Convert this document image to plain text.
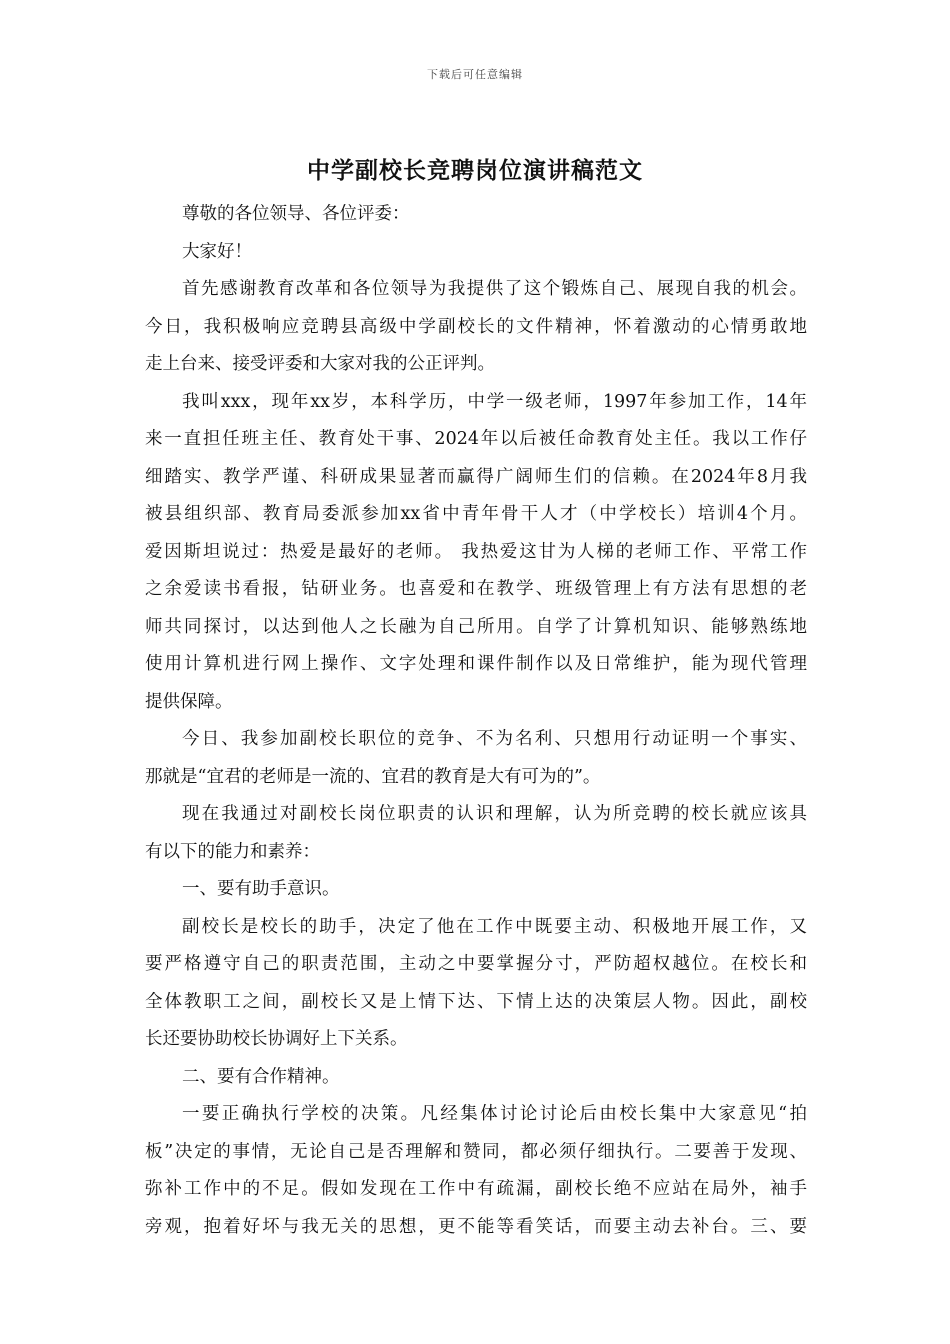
下载后可任意编辑
中学副校长竞聘岗位演讲稿范文
尊敬的各位领导、各位评委：
大家好！
首先感谢教育改革和各位领导为我提供了这个锻炼自己、展现自我的机会。
今日，我积极响应竞聘县高级中学副校长的文件精神，怀着激动的心情勇敢地
走上台来、接受评委和大家对我的公正评判。
我叫xxx，现年xx岁，本科学历，中学一级老师，1997年参加工作，14年
来一直担任班主任、教育处干事、2024年以后被任命教育处主任。我以工作仔
细踏实、教学严谨、科研成果显著而赢得广阔师生们的信赖。在2024年8月我
被县组织部、教育局委派参加xx省中青年骨干人才（中学校长）培训4个月。
爱因斯坦说过：热爱是最好的老师。 我热爱这甘为人梯的老师工作、平常工作
之余爱读书看报，钻研业务。也喜爱和在教学、班级管理上有方法有思想的老
师共同探讨，以达到他人之长融为自己所用。自学了计算机知识、能够熟练地
使用计算机进行网上操作、文字处理和课件制作以及日常维护，能为现代管理
提供保障。
今日、我参加副校长职位的竞争、不为名利、只想用行动证明一个事实、
那就是“宜君的老师是一流的、宜君的教育是大有可为的”。
现在我通过对副校长岗位职责的认识和理解，认为所竞聘的校长就应该具
有以下的能力和素养：
一、要有助手意识。
副校长是校长的助手，决定了他在工作中既要主动、积极地开展工作，又
要严格遵守自己的职责范围，主动之中要掌握分寸，严防超权越位。在校长和
全体教职工之间，副校长又是上情下达、下情上达的决策层人物。因此，副校
长还要协助校长协调好上下关系。
二、要有合作精神。
一要正确执行学校的决策。凡经集体讨论讨论后由校长集中大家意见“拍
板”决定的事情，无论自己是否理解和赞同，都必须仔细执行。二要善于发现、
弥补工作中的不足。假如发现在工作中有疏漏，副校长绝不应站在局外，袖手
旁观，抱着好坏与我无关的思想，更不能等看笑话，而要主动去补台。三、要
